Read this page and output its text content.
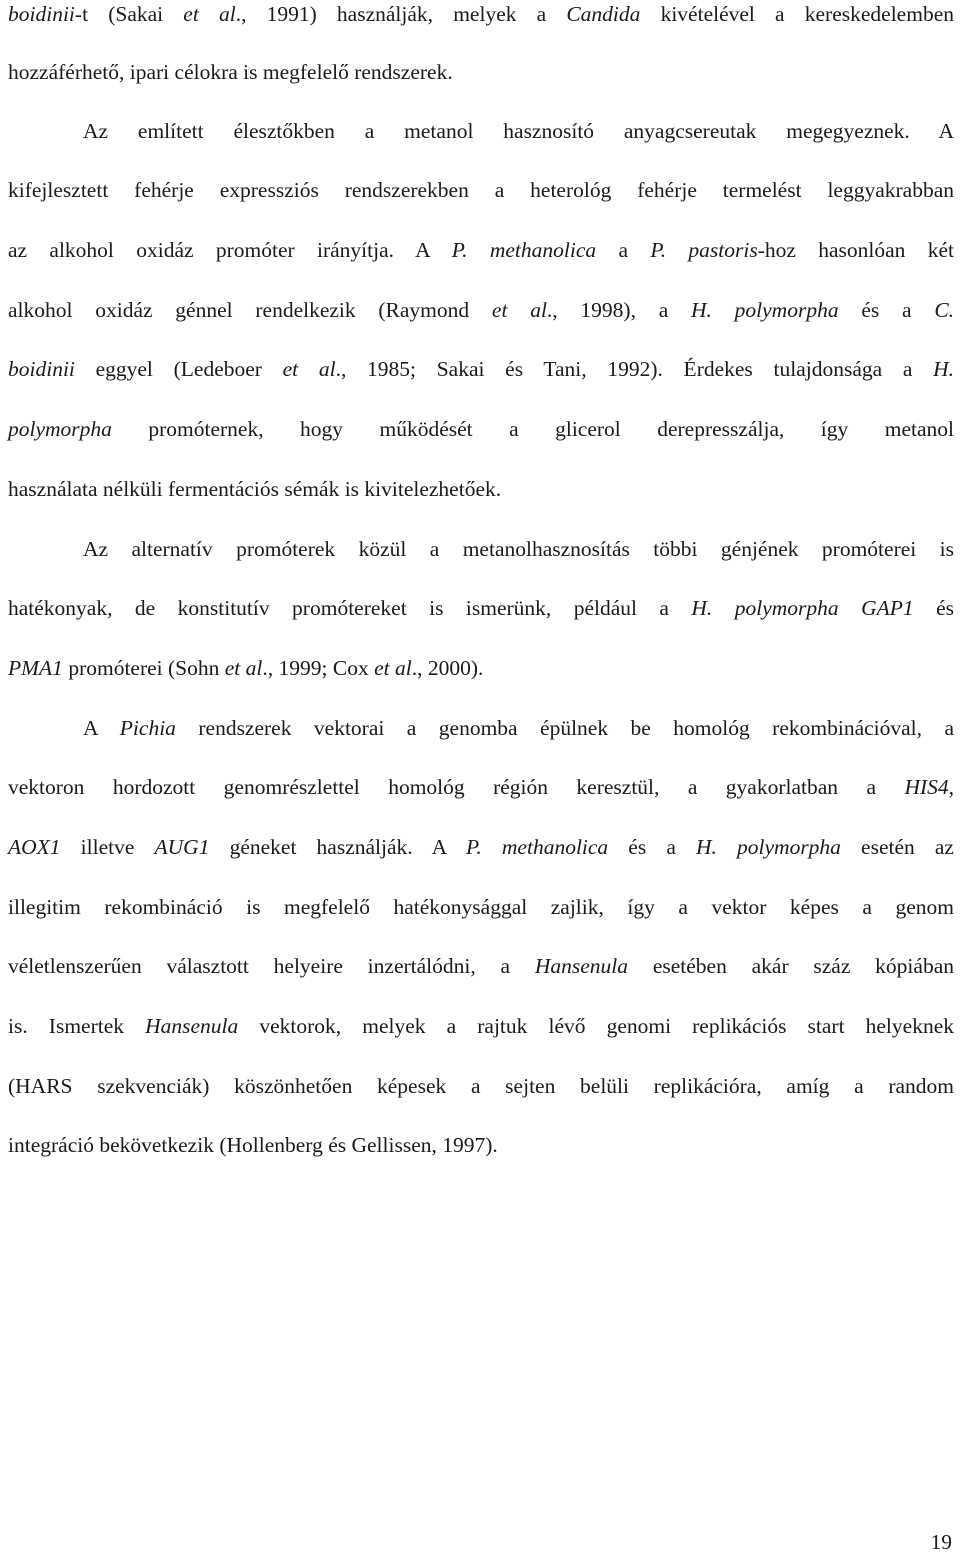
boidinii-t (Sakai et al., 1991) használják, melyek a Candida kivételével a kereskedelemben
hozzáférhető, ipari célokra is megfelelő rendszerek.
Az említett élesztőkben a metanol hasznosító anyagcsereutak megegyeznek. A
kifejlesztett fehérje expressziós rendszerekben a heterológ fehérje termelést leggyakrabban
az alkohol oxidáz promóter irányítja. A P. methanolica a P. pastoris-hoz hasonlóan két
alkohol oxidáz génnel rendelkezik (Raymond et al., 1998), a H. polymorpha és a C.
boidinii eggyel (Ledeboer et al., 1985; Sakai és Tani, 1992). Érdekes tulajdonsága a H.
polymorpha promóternek, hogy működését a glicerol derepresszálja, így metanol
használata nélküli fermentációs sémák is kivitelezhetőek.
Az alternatív promóterek közül a metanolhasznosítás többi génjének promóterei is
hatékonyak, de konstitutív promótereket is ismerünk, például a H. polymorpha GAP1 és
PMA1 promóterei (Sohn et al., 1999; Cox et al., 2000).
A Pichia rendszerek vektorai a genomba épülnek be homológ rekombinációval, a
vektoron hordozott genomrészlettel homológ régión keresztül, a gyakorlatban a HIS4,
AOX1 illetve AUG1 géneket használják. A P. methanolica és a H. polymorpha esetén az
illegitim rekombináció is megfelelő hatékonysággal zajlik, így a vektor képes a genom
véletlenszerűen választott helyeire inzertálódni, a Hansenula esetében akár száz kópiában
is. Ismertek Hansenula vektorok, melyek a rajtuk lévő genomi replikációs start helyeknek
(HARS szekvenciák) köszönhetően képesek a sejten belüli replikációra, amíg a random
integráció bekövetkezik (Hollenberg és Gellissen, 1997).
19
